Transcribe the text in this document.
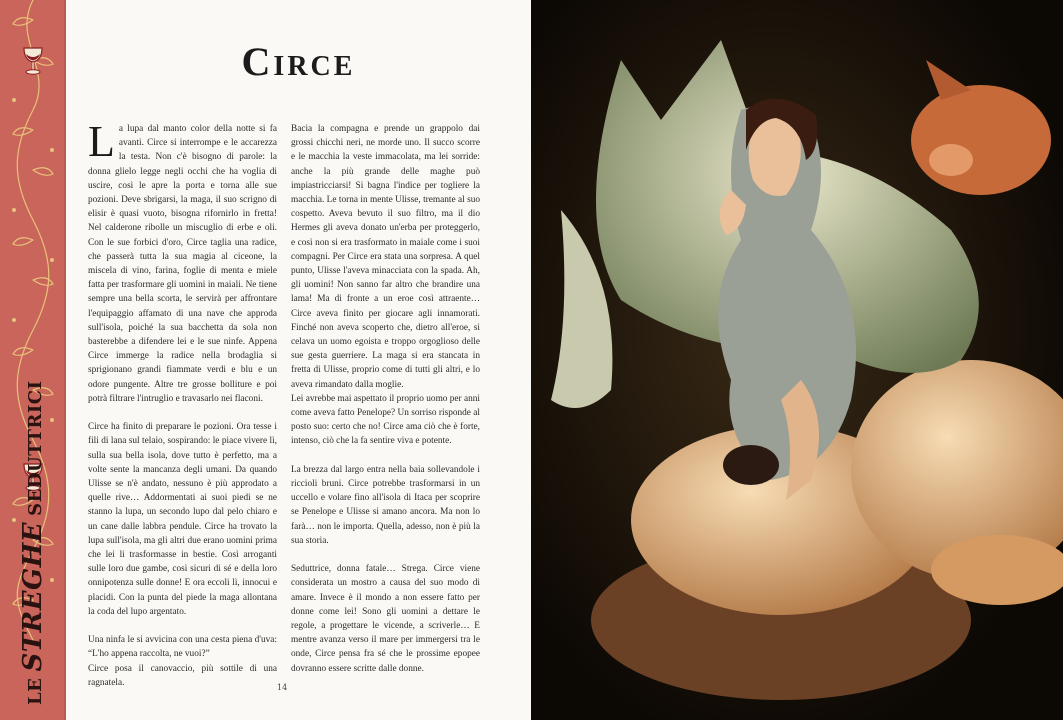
LE STREGHE SEDUTTRICI
Circe

La lupa dal manto color della notte si fa avanti. Circe si interrompe e le accarezza la testa. Non c'è bisogno di parole: la donna glielo legge negli occhi che ha voglia di uscire, così le apre la porta e torna alle sue pozioni. Deve sbrigarsi, la maga, il suo scrigno di elisir è quasi vuoto, bisogna rifornirlo in fretta! Nel calderone ribolle un miscuglio di erbe e oli. Con le sue forbici d'oro, Circe taglia una radice, che passerà tutta la sua magia al ciceone, la miscela di vino, farina, foglie di menta e miele fatta per trasformare gli uomini in maiali. Ne tiene sempre una bella scorta, le servirà per affrontare l'equipaggio affamato di una nave che approda sull'isola, poiché la sua bacchetta da sola non basterebbe a difendere lei e le sue ninfe. Appena Circe immerge la radice nella brodaglia si sprigionano grandi fiammate verdi e blu e un odore pungente. Altre tre grosse bolliture e poi potrà filtrare l'intruglio e travasarlo nei flaconi.

Circe ha finito di preparare le pozioni. Ora tesse i fili di lana sul telaio, sospirando: le piace vivere lì, sulla sua bella isola, dove tutto è perfetto, ma a volte sente la mancanza degli umani. Da quando Ulisse se n'è andato, nessuno è più approdato a quelle rive… Addormentati ai suoi piedi se ne stanno la lupa, un secondo lupo dal pelo chiaro e un cane dalle labbra pendule. Circe ha trovato la lupa sull'isola, ma gli altri due erano uomini prima che lei li trasformasse in bestie. Così arroganti sulle loro due gambe, così sicuri di sé e della loro onnipotenza sulle donne! E ora eccoli lì, innocui e placidi. Con la punta del piede la maga allontana la coda del lupo argentato.

Una ninfa le si avvicina con una cesta piena d'uva: “L'ho appena raccolta, ne vuoi?”

Circe posa il canovaccio, più sottile di una ragnatela.

Bacia la compagna e prende un grappolo dai grossi chicchi neri, ne morde uno. Il succo scorre e le macchia la veste immacolata, ma lei sorride: anche la più grande delle maghe può impiastricciarsi! Si bagna l'indice per togliere la macchia. Le torna in mente Ulisse, tremante al suo cospetto. Aveva bevuto il suo filtro, ma il dio Hermes gli aveva donato un'erba per proteggerlo, e così non si era trasformato in maiale come i suoi compagni. Per Circe era stata una sorpresa. A quel punto, Ulisse l'aveva minacciata con la spada. Ah, gli uomini! Non sanno far altro che brandire una lama! Ma di fronte a un eroe così attraente… Circe aveva finito per giocare agli innamorati. Finché non aveva scoperto che, dietro all'eroe, si celava un uomo egoista e troppo orgoglioso delle sue gesta guerriere. La maga si era stancata in fretta di Ulisse, proprio come di tutti gli altri, e lo aveva rimandato dalla moglie.

Lei avrebbe mai aspettato il proprio uomo per anni come aveva fatto Penelope? Un sorriso risponde al posto suo: certo che no! Circe ama ciò che è forte, intenso, ciò che la fa sentire viva e potente.

La brezza dal largo entra nella baia sollevandole i riccioli bruni. Circe potrebbe trasformarsi in un uccello e volare fino all'isola di Itaca per scoprire se Penelope e Ulisse si amano ancora. Ma non lo farà… non le importa. Quella, adesso, non è più la sua storia.

Seduttrice, donna fatale… Strega. Circe viene considerata un mostro a causa del suo modo di amare. Invece è il mondo a non essere fatto per donne come lei! Sono gli uomini a dettare le regole, a progettare le vicende, a scriverle… E mentre avanza verso il mare per immergersi tra le onde, Circe pensa fra sé che le prossime epopee dovranno essere scritte dalle donne.

14
